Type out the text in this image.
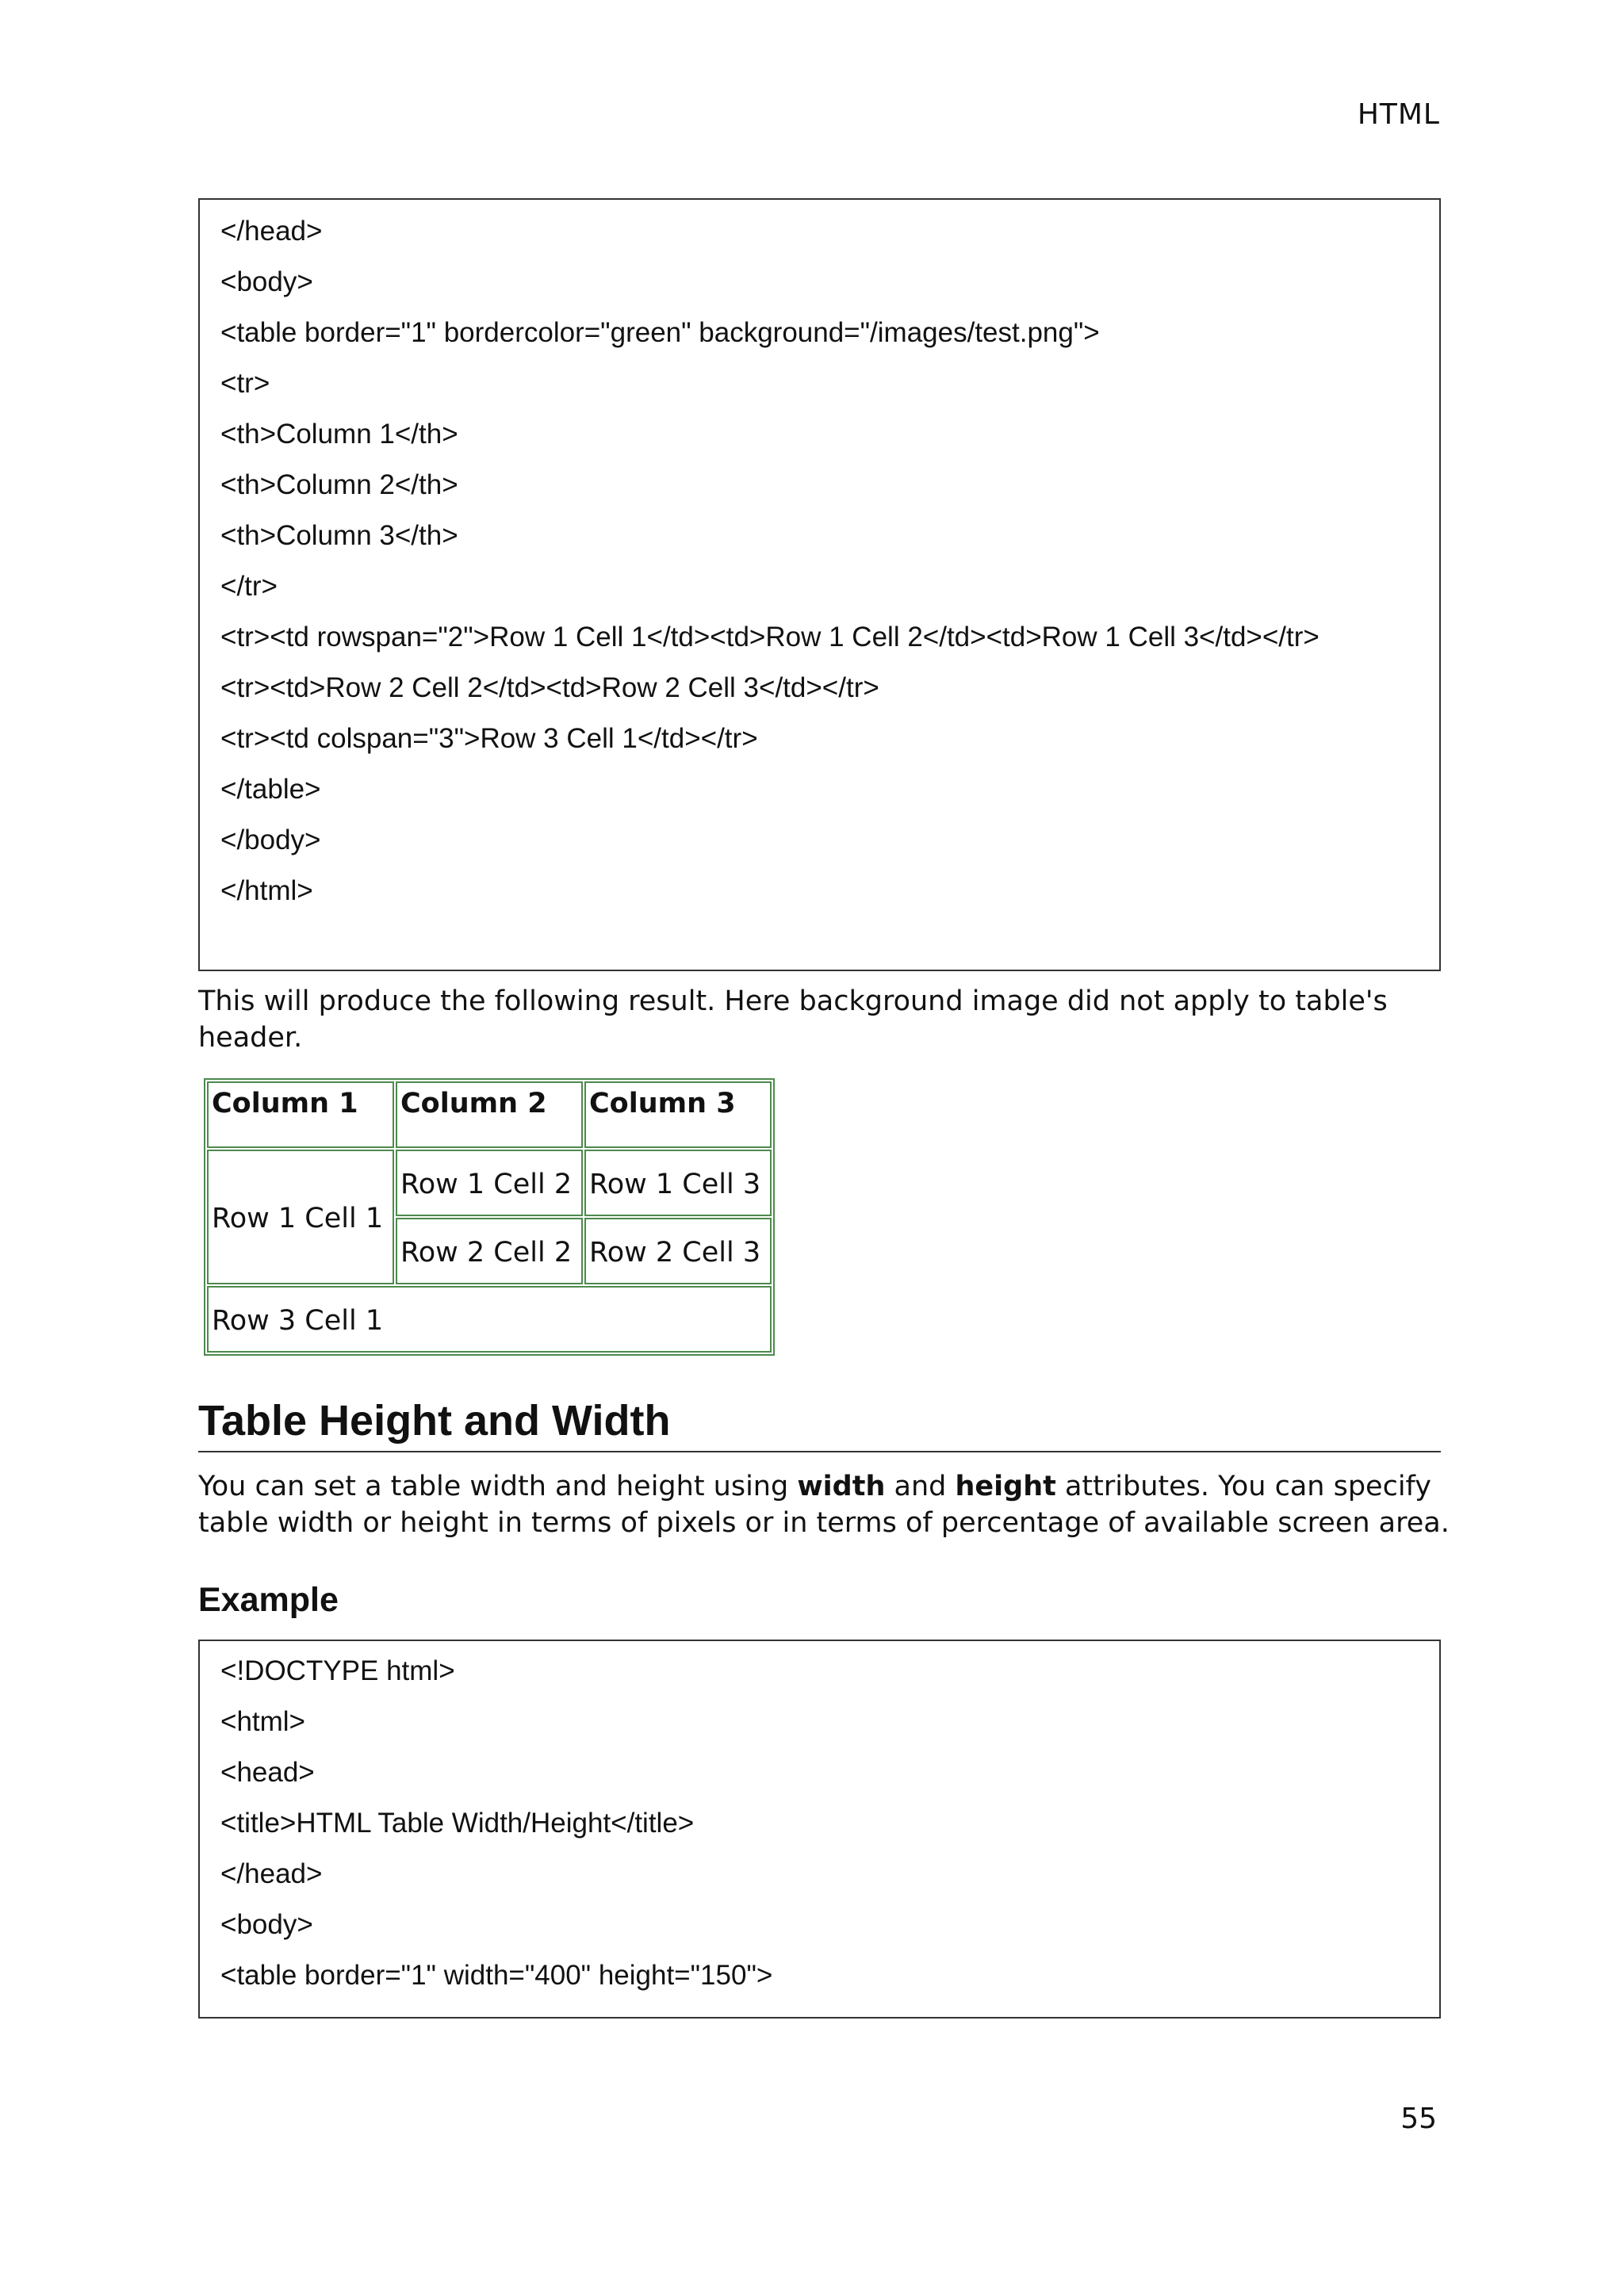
HTML
</head>
<body>
<table border="1" bordercolor="green" background="/images/test.png">
<tr>
<th>Column 1</th>
<th>Column 2</th>
<th>Column 3</th>
</tr>
<tr><td rowspan="2">Row 1 Cell 1</td><td>Row 1 Cell 2</td><td>Row 1 Cell 3</td></tr>
<tr><td>Row 2 Cell 2</td><td>Row 2 Cell 3</td></tr>
<tr><td colspan="3">Row 3 Cell 1</td></tr>
</table>
</body>
</html>
This will produce the following result. Here background image did not apply to table's header.
Column 1	Column 2	Column 3
Row 1 Cell 1	Row 1 Cell 2	Row 1 Cell 3
	Row 2 Cell 2	Row 2 Cell 3
Row 3 Cell 1		
Table Height and Width
You can set a table width and height using width and height attributes. You can specify table width or height in terms of pixels or in terms of percentage of available screen area.
Example
<!DOCTYPE html>
<html>
<head>
<title>HTML Table Width/Height</title>
</head>
<body>
<table border="1" width="400" height="150">
55
